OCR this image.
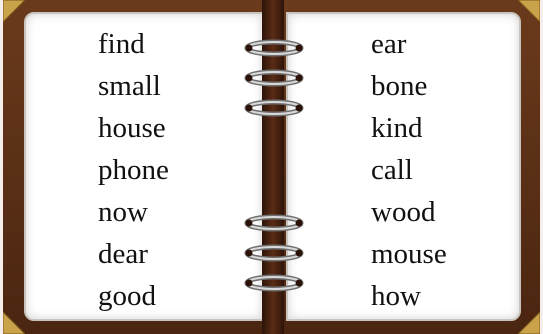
find
small
house
phone
now
dear
good
ear
bone
kind
call
wood
mouse
how
